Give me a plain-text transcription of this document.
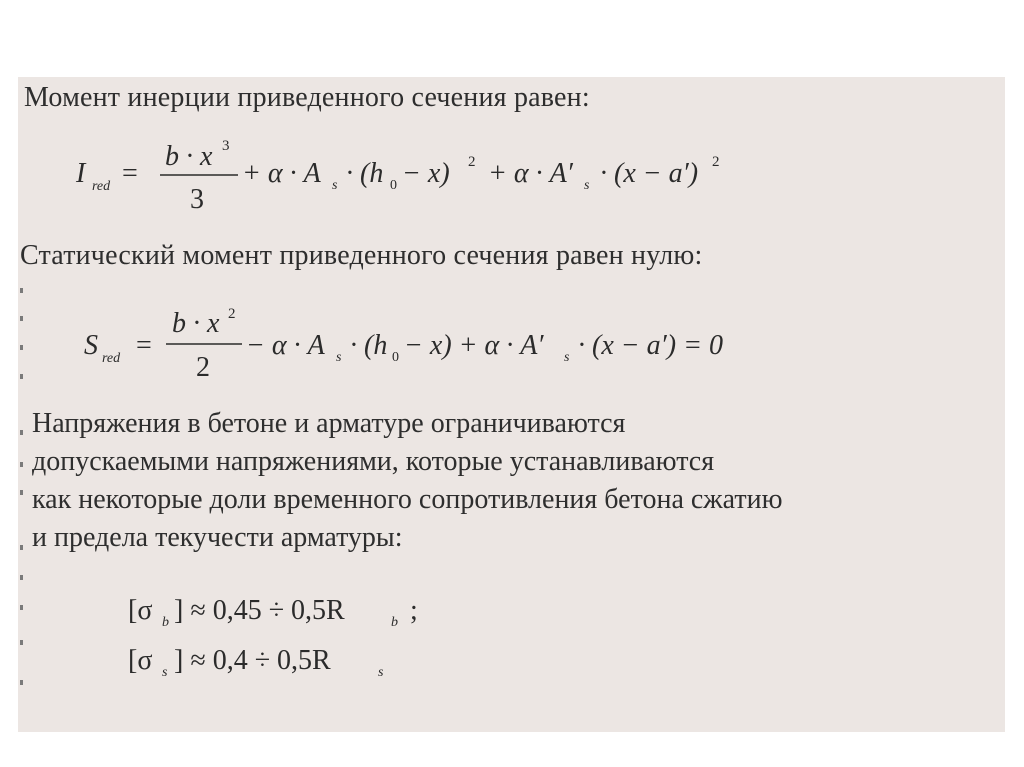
Момент инерции приведенного сечения равен:
I red =
b · x 3
3
+ α · A s · (h 0 − x) 2 + α · A′ s · (x − a′) 2
Статический момент приведенного сечения равен нулю:
S red =
b · x 2
2
− α · A s · (h 0 − x) + α · A′ s · (x − a′) = 0
Напряжения в бетоне и арматуре ограничиваются
допускаемыми напряжениями, которые устанавливаются
как некоторые доли временного сопротивления бетона сжатию
и предела текучести арматуры:
[σ b ] ≈ 0,45 ÷ 0,5R	b ;
[σ s ] ≈ 0,4 ÷ 0,5R	s
